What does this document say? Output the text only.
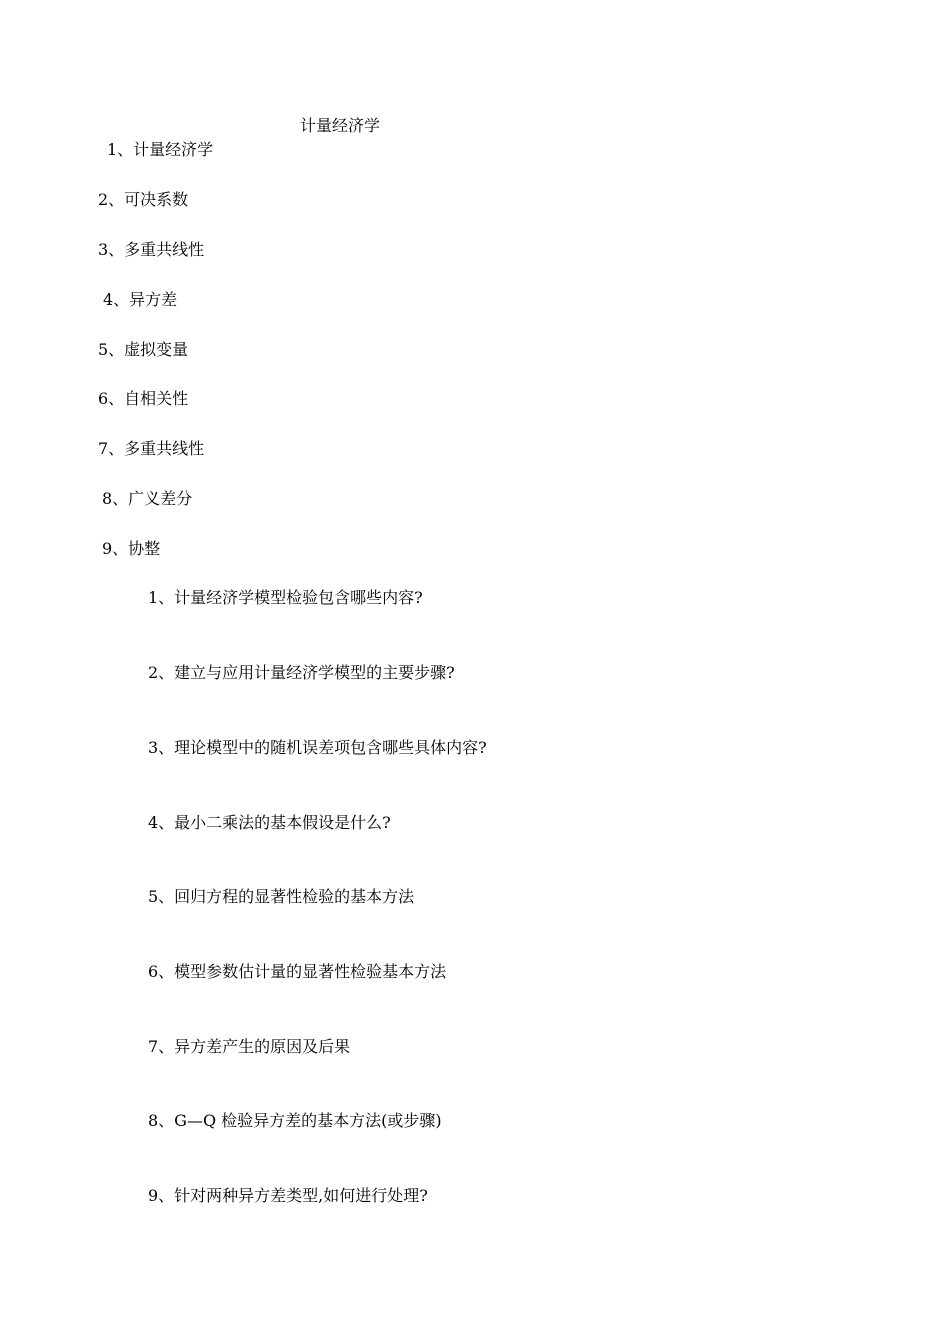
计量经济学
1、计量经济学
2、可决系数
3、多重共线性
4、异方差
5、虚拟变量
6、自相关性
7、多重共线性
8、广义差分
9、协整
1、计量经济学模型检验包含哪些内容?
2、建立与应用计量经济学模型的主要步骤?
3、理论模型中的随机误差项包含哪些具体内容?
4、最小二乘法的基本假设是什么?
5、回归方程的显著性检验的基本方法
6、模型参数估计量的显著性检验基本方法
7、异方差产生的原因及后果
8、G—Q 检验异方差的基本方法(或步骤)
9、针对两种异方差类型,如何进行处理?
